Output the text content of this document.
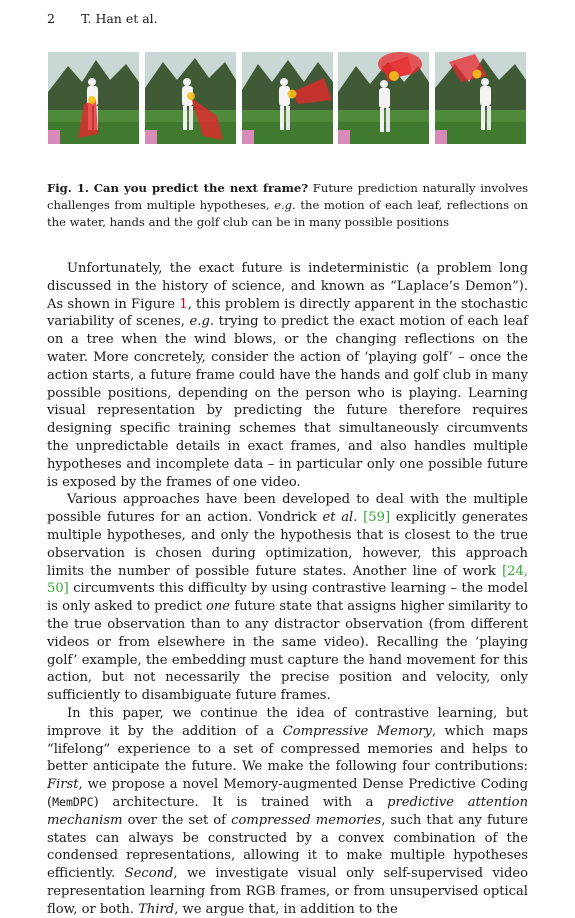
2 T. Han et al.
Fig. 1. Can you predict the next frame? Future prediction naturally involves challenges from multiple hypotheses, e.g. the motion of each leaf, reflections on the water, hands and the golf club can be in many possible positions

Unfortunately, the exact future is indeterministic (a problem long discussed in the history of science, and known as “Laplace’s Demon”). As shown in Figure 1, this problem is directly apparent in the stochastic variability of scenes, e.g. trying to predict the exact motion of each leaf on a tree when the wind blows, or the changing reflections on the water. More concretely, consider the action of ‘playing golf’ – once the action starts, a future frame could have the hands and golf club in many possible positions, depending on the person who is playing. Learning visual representation by predicting the future therefore requires designing specific training schemes that simultaneously circumvents the unpredictable details in exact frames, and also handles multiple hypotheses and incomplete data – in particular only one possible future is exposed by the frames of one video.

Various approaches have been developed to deal with the multiple possible futures for an action. Vondrick et al. [59] explicitly generates multiple hypotheses, and only the hypothesis that is closest to the true observation is chosen during optimization, however, this approach limits the number of possible future states. Another line of work [24, 50] circumvents this difficulty by using contrastive learning – the model is only asked to predict one future state that assigns higher similarity to the true observation than to any distractor observation (from different videos or from elsewhere in the same video). Recalling the ‘playing golf’ example, the embedding must capture the hand movement for this action, but not necessarily the precise position and velocity, only sufficiently to disambiguate future frames.

In this paper, we continue the idea of contrastive learning, but improve it by the addition of a Compressive Memory, which maps “lifelong” experience to a set of compressed memories and helps to better anticipate the future. We make the following four contributions: First, we propose a novel Memory-augmented Dense Predictive Coding (MemDPC) architecture. It is trained with a predictive attention mechanism over the set of compressed memories, such that any future states can always be constructed by a convex combination of the condensed representations, allowing it to make multiple hypotheses efficiently. Second, we investigate visual only self-supervised video representation learning from RGB frames, or from unsupervised optical flow, or both. Third, we argue that, in addition to the
